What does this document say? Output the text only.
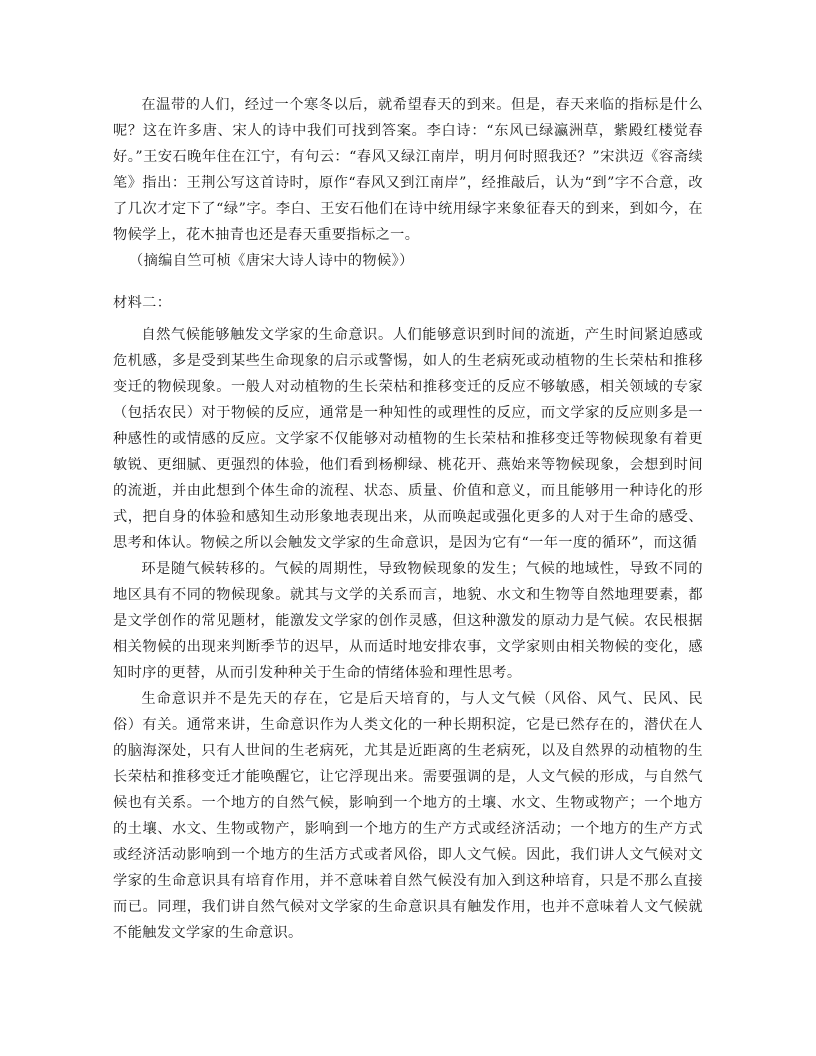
在温带的人们，经过一个寒冬以后，就希望春天的到来。但是，春天来临的指标是什么呢？这在许多唐、宋人的诗中我们可找到答案。李白诗：“东风已绿瀛洲草，紫殿红楼觉春好。”王安石晚年住在江宁，有句云：“春风又绿江南岸，明月何时照我还？”宋洪迈《容斋续笔》指出：王荆公写这首诗时，原作“春风又到江南岸”，经推敲后，认为“到”字不合意，改了几次才定下了“绿”字。李白、王安石他们在诗中统用绿字来象征春天的到来，到如今，在物候学上，花木抽青也还是春天重要指标之一。

（摘编自竺可桢《唐宋大诗人诗中的物候》）

材料二：

自然气候能够触发文学家的生命意识。人们能够意识到时间的流逝，产生时间紧迫感或危机感，多是受到某些生命现象的启示或警惕，如人的生老病死或动植物的生长荣枯和推移变迁的物候现象。一般人对动植物的生长荣枯和推移变迁的反应不够敏感，相关领域的专家（包括农民）对于物候的反应，通常是一种知性的或理性的反应，而文学家的反应则多是一种感性的或情感的反应。文学家不仅能够对动植物的生长荣枯和推移变迁等物候现象有着更敏锐、更细腻、更强烈的体验，他们看到杨柳绿、桃花开、燕始来等物候现象，会想到时间的流逝，并由此想到个体生命的流程、状态、质量、价值和意义，而且能够用一种诗化的形式，把自身的体验和感知生动形象地表现出来，从而唤起或强化更多的人对于生命的感受、思考和体认。物候之所以会触发文学家的生命意识，是因为它有“一年一度的循环”，而这循

环是随气候转移的。气候的周期性，导致物候现象的发生；气候的地域性，导致不同的地区具有不同的物候现象。就其与文学的关系而言，地貌、水文和生物等自然地理要素，都是文学创作的常见题材，能激发文学家的创作灵感，但这种激发的原动力是气候。农民根据相关物候的出现来判断季节的迟早，从而适时地安排农事，文学家则由相关物候的变化，感知时序的更替，从而引发种种关于生命的情绪体验和理性思考。

生命意识并不是先天的存在，它是后天培育的，与人文气候（风俗、风气、民风、民俗）有关。通常来讲，生命意识作为人类文化的一种长期积淀，它是已然存在的，潜伏在人的脑海深处，只有人世间的生老病死，尤其是近距离的生老病死，以及自然界的动植物的生长荣枯和推移变迁才能唤醒它，让它浮现出来。需要强调的是，人文气候的形成，与自然气候也有关系。一个地方的自然气候，影响到一个地方的土壤、水文、生物或物产；一个地方的土壤、水文、生物或物产，影响到一个地方的生产方式或经济活动；一个地方的生产方式或经济活动影响到一个地方的生活方式或者风俗，即人文气候。因此，我们讲人文气候对文学家的生命意识具有培育作用，并不意味着自然气候没有加入到这种培育，只是不那么直接而已。同理，我们讲自然气候对文学家的生命意识具有触发作用，也并不意味着人文气候就不能触发文学家的生命意识。
